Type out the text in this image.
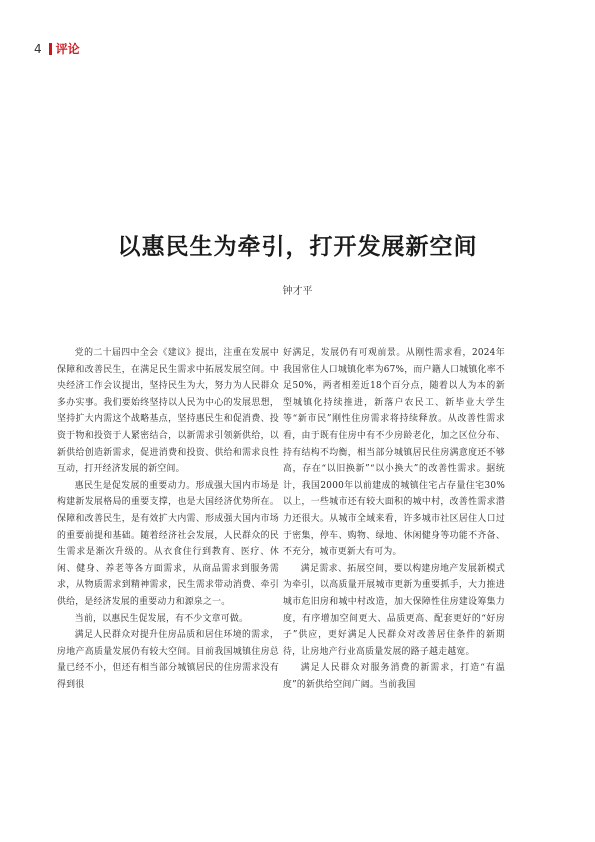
4 评论
以惠民生为牵引，打开发展新空间
钟才平

党的二十届四中全会《建议》提出，注重在发展中保障和改善民生，在满足民生需求中拓展发展空间。中央经济工作会议提出，坚持民生为大，努力为人民群众多办实事。我们要始终坚持以人民为中心的发展思想，坚持扩大内需这个战略基点，坚持惠民生和促消费、投资于物和投资于人紧密结合，以新需求引领新供给，以新供给创造新需求，促进消费和投资、供给和需求良性互动，打开经济发展的新空间。

惠民生是促发展的重要动力。形成强大国内市场是构建新发展格局的重要支撑，也是大国经济优势所在。保障和改善民生，是有效扩大内需、形成强大国内市场的重要前提和基础。随着经济社会发展，人民群众的民生需求是渐次升级的。从衣食住行到教育、医疗、休闲、健身、养老等各方面需求，从商品需求到服务需求，从物质需求到精神需求，民生需求带动消费、牵引供给，是经济发展的重要动力和源泉之一。

当前，以惠民生促发展，有不少文章可做。

满足人民群众对提升住房品质和居住环境的需求，房地产高质量发展仍有较大空间。目前我国城镇住房总量已经不小，但还有相当部分城镇居民的住房需求没有得到很

好满足，发展仍有可观前景。从刚性需求看，2024年我国常住人口城镇化率为67%，而户籍人口城镇化率不足50%，两者相差近18个百分点，随着以人为本的新型城镇化持续推进，新落户农民工、新毕业大学生等“新市民”刚性住房需求将持续释放。从改善性需求看，由于既有住房中有不少房龄老化，加之区位分布、持有结构不均衡，相当部分城镇居民住房满意度还不够高，存在“以旧换新”“以小换大”的改善性需求。据统计，我国2000年以前建成的城镇住宅占存量住宅30%以上，一些城市还有较大面积的城中村，改善性需求潜力还很大。从城市全域来看，许多城市社区居住人口过于密集，停车、购物、绿地、休闲健身等功能不齐备、不充分，城市更新大有可为。

满足需求、拓展空间，要以构建房地产发展新模式为牵引，以高质量开展城市更新为重要抓手，大力推进城市危旧房和城中村改造，加大保障性住房建设筹集力度，有序增加空间更大、品质更高、配套更好的“好房子”供应，更好满足人民群众对改善居住条件的新期待，让房地产行业高质量发展的路子越走越宽。

满足人民群众对服务消费的新需求，打造“有温度”的新供给空间广阔。当前我国
